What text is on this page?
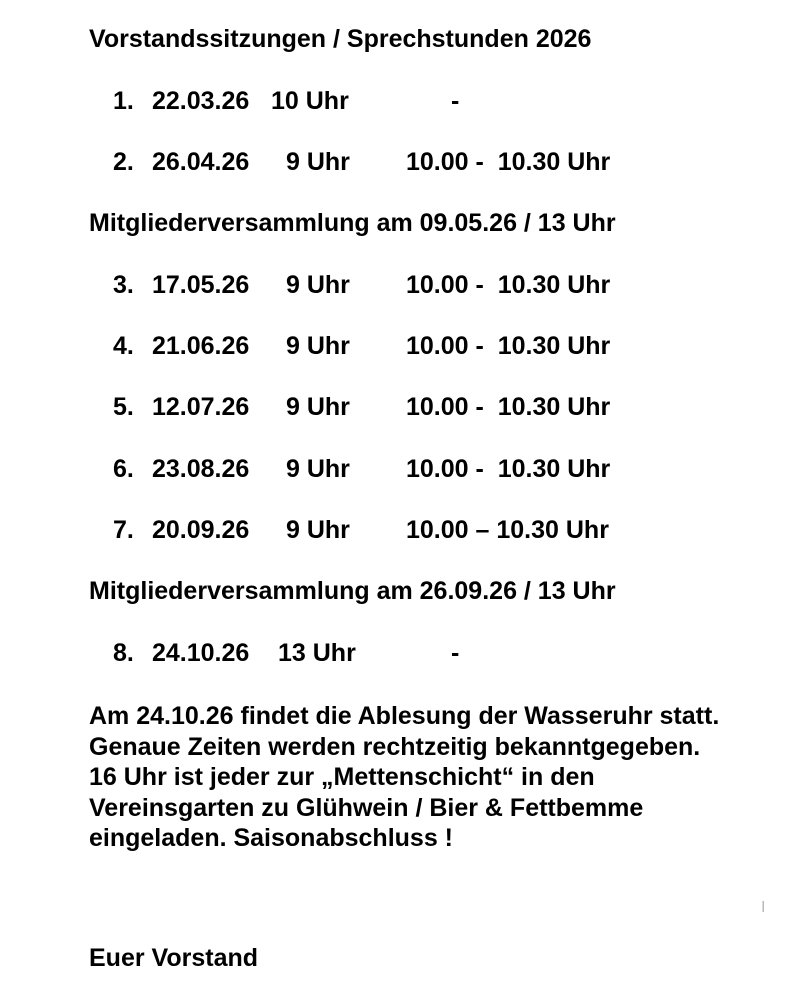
Vorstandssitzungen / Sprechstunden 2026
1. 22.03.26 10 Uhr	-
2. 26.04.26 9 Uhr 10.00 -  10.30 Uhr
Mitgliederversammlung am 09.05.26 / 13 Uhr
3. 17.05.26 9 Uhr 10.00 -  10.30 Uhr
4. 21.06.26 9 Uhr 10.00 -  10.30 Uhr
5. 12.07.26 9 Uhr 10.00 -  10.30 Uhr
6. 23.08.26 9 Uhr 10.00 -  10.30 Uhr
7. 20.09.26 9 Uhr 10.00 – 10.30 Uhr
Mitgliederversammlung am 26.09.26 / 13 Uhr
8. 24.10.26 13 Uhr	-
Am 24.10.26 findet die Ablesung der Wasseruhr statt.
Genaue Zeiten werden rechtzeitig bekanntgegeben.
16 Uhr ist jeder zur „Mettenschicht“ in den Vereinsgarten zu Glühwein / Bier & Fettbemme eingeladen. Saisonabschluss !
Euer Vorstand
I
